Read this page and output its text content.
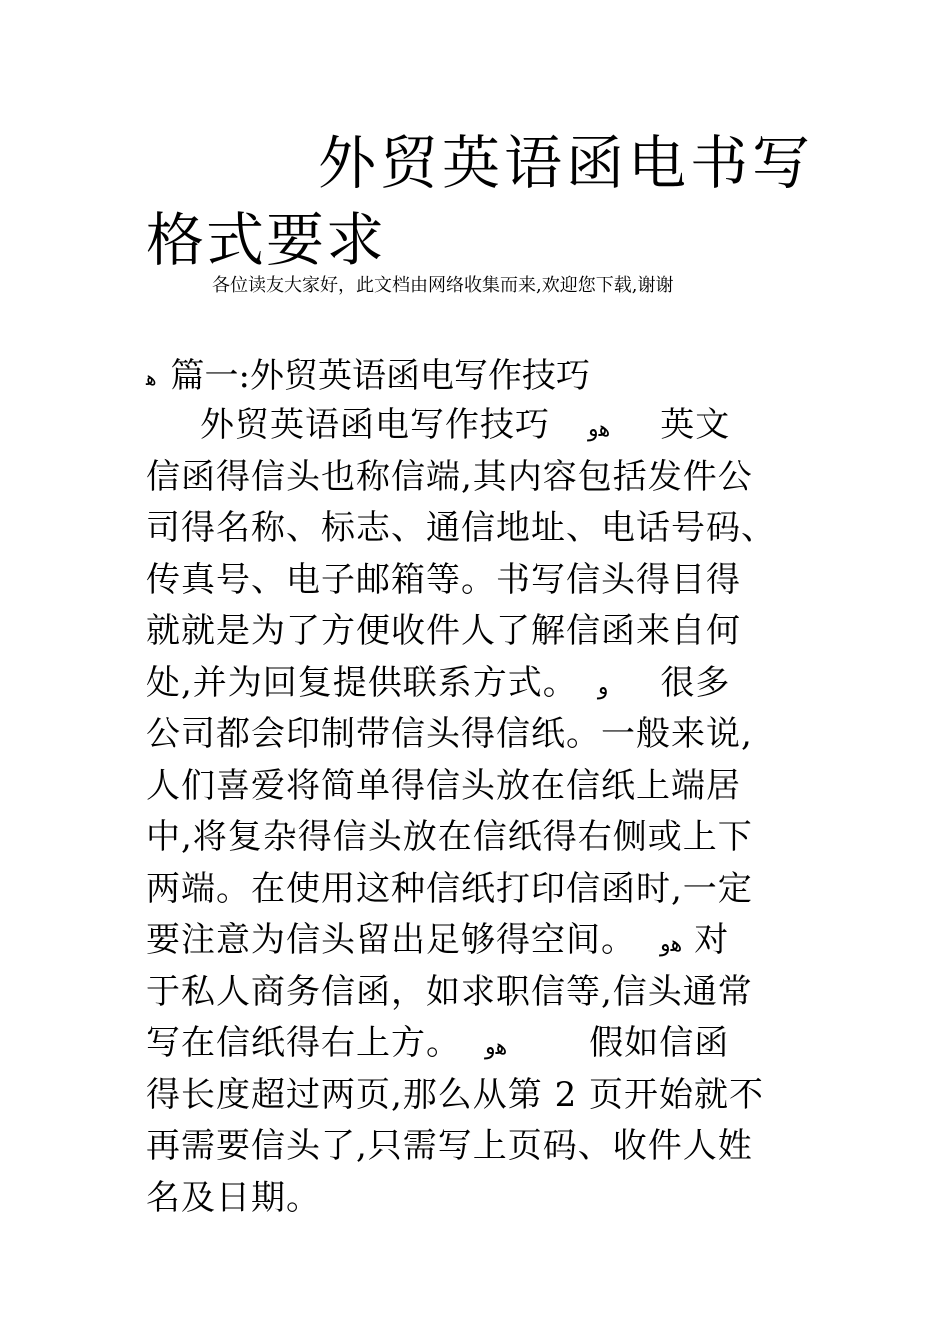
外贸英语函电书写
格式要求
各位读友大家好，此文档由网络收集而来,欢迎您下载,谢谢
ﻫ 篇一:外贸英语函电写作技巧
外贸英语函电写作技巧 ﻫﻭ 英文
信函得信头也称信端,其内容包括发件公
司得名称、标志、通信地址、电话号码、
传真号、电子邮箱等。书写信头得目得
就就是为了方便收件人了解信函来自何
处,并为回复提供联系方式。 ﻭ 很多
公司都会印制带信头得信纸。一般来说,
人们喜爱将简单得信头放在信纸上端居
中,将复杂得信头放在信纸得右侧或上下
两端。在使用这种信纸打印信函时,一定
要注意为信头留出足够得空间。 ﻫﻭ 对
于私人商务信函，如求职信等,信头通常
写在信纸得右上方。 ﻫﻭ 假如信函
得长度超过两页,那么从第 2 页开始就不
再需要信头了,只需写上页码、收件人姓
名及日期。
